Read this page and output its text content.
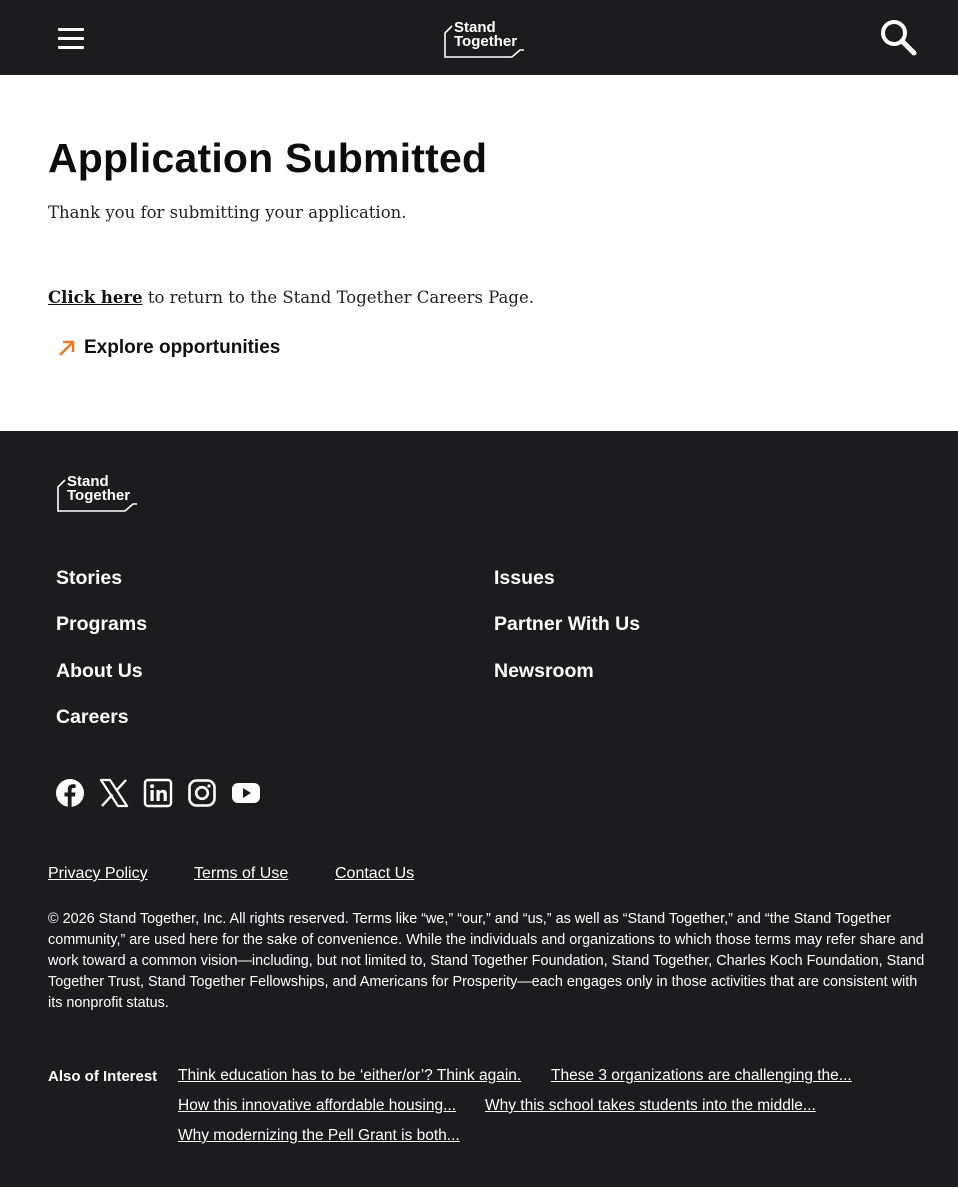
Stand
Together
Application Submitted

Thank you for submitting your application.

Click here to return to the Stand Together Careers Page.

Explore opportunities
Stand
Together
Stories
Programs
About Us
Careers
Issues
Partner With Us
Newsroom
Privacy Policy	Terms of Use	Contact Us

© 2026 Stand Together, Inc. All rights reserved. Terms like “we,” “our,” and “us,” as well as “Stand Together,” and “the Stand Together community,” are used here for the sake of convenience. While the individuals and organizations to which those terms may refer share and work toward a common vision—including, but not limited to, Stand Together Foundation, Stand Together, Charles Koch Foundation, Stand Together Trust, Stand Together Fellowships, and Americans for Prosperity—each engages only in those activities that are consistent with its nonprofit status.

Also of Interest Think education has to be ‘either/or’? Think again. These 3 organizations are challenging the...
How this innovative affordable housing... Why this school takes students into the middle...
Why modernizing the Pell Grant is both...
